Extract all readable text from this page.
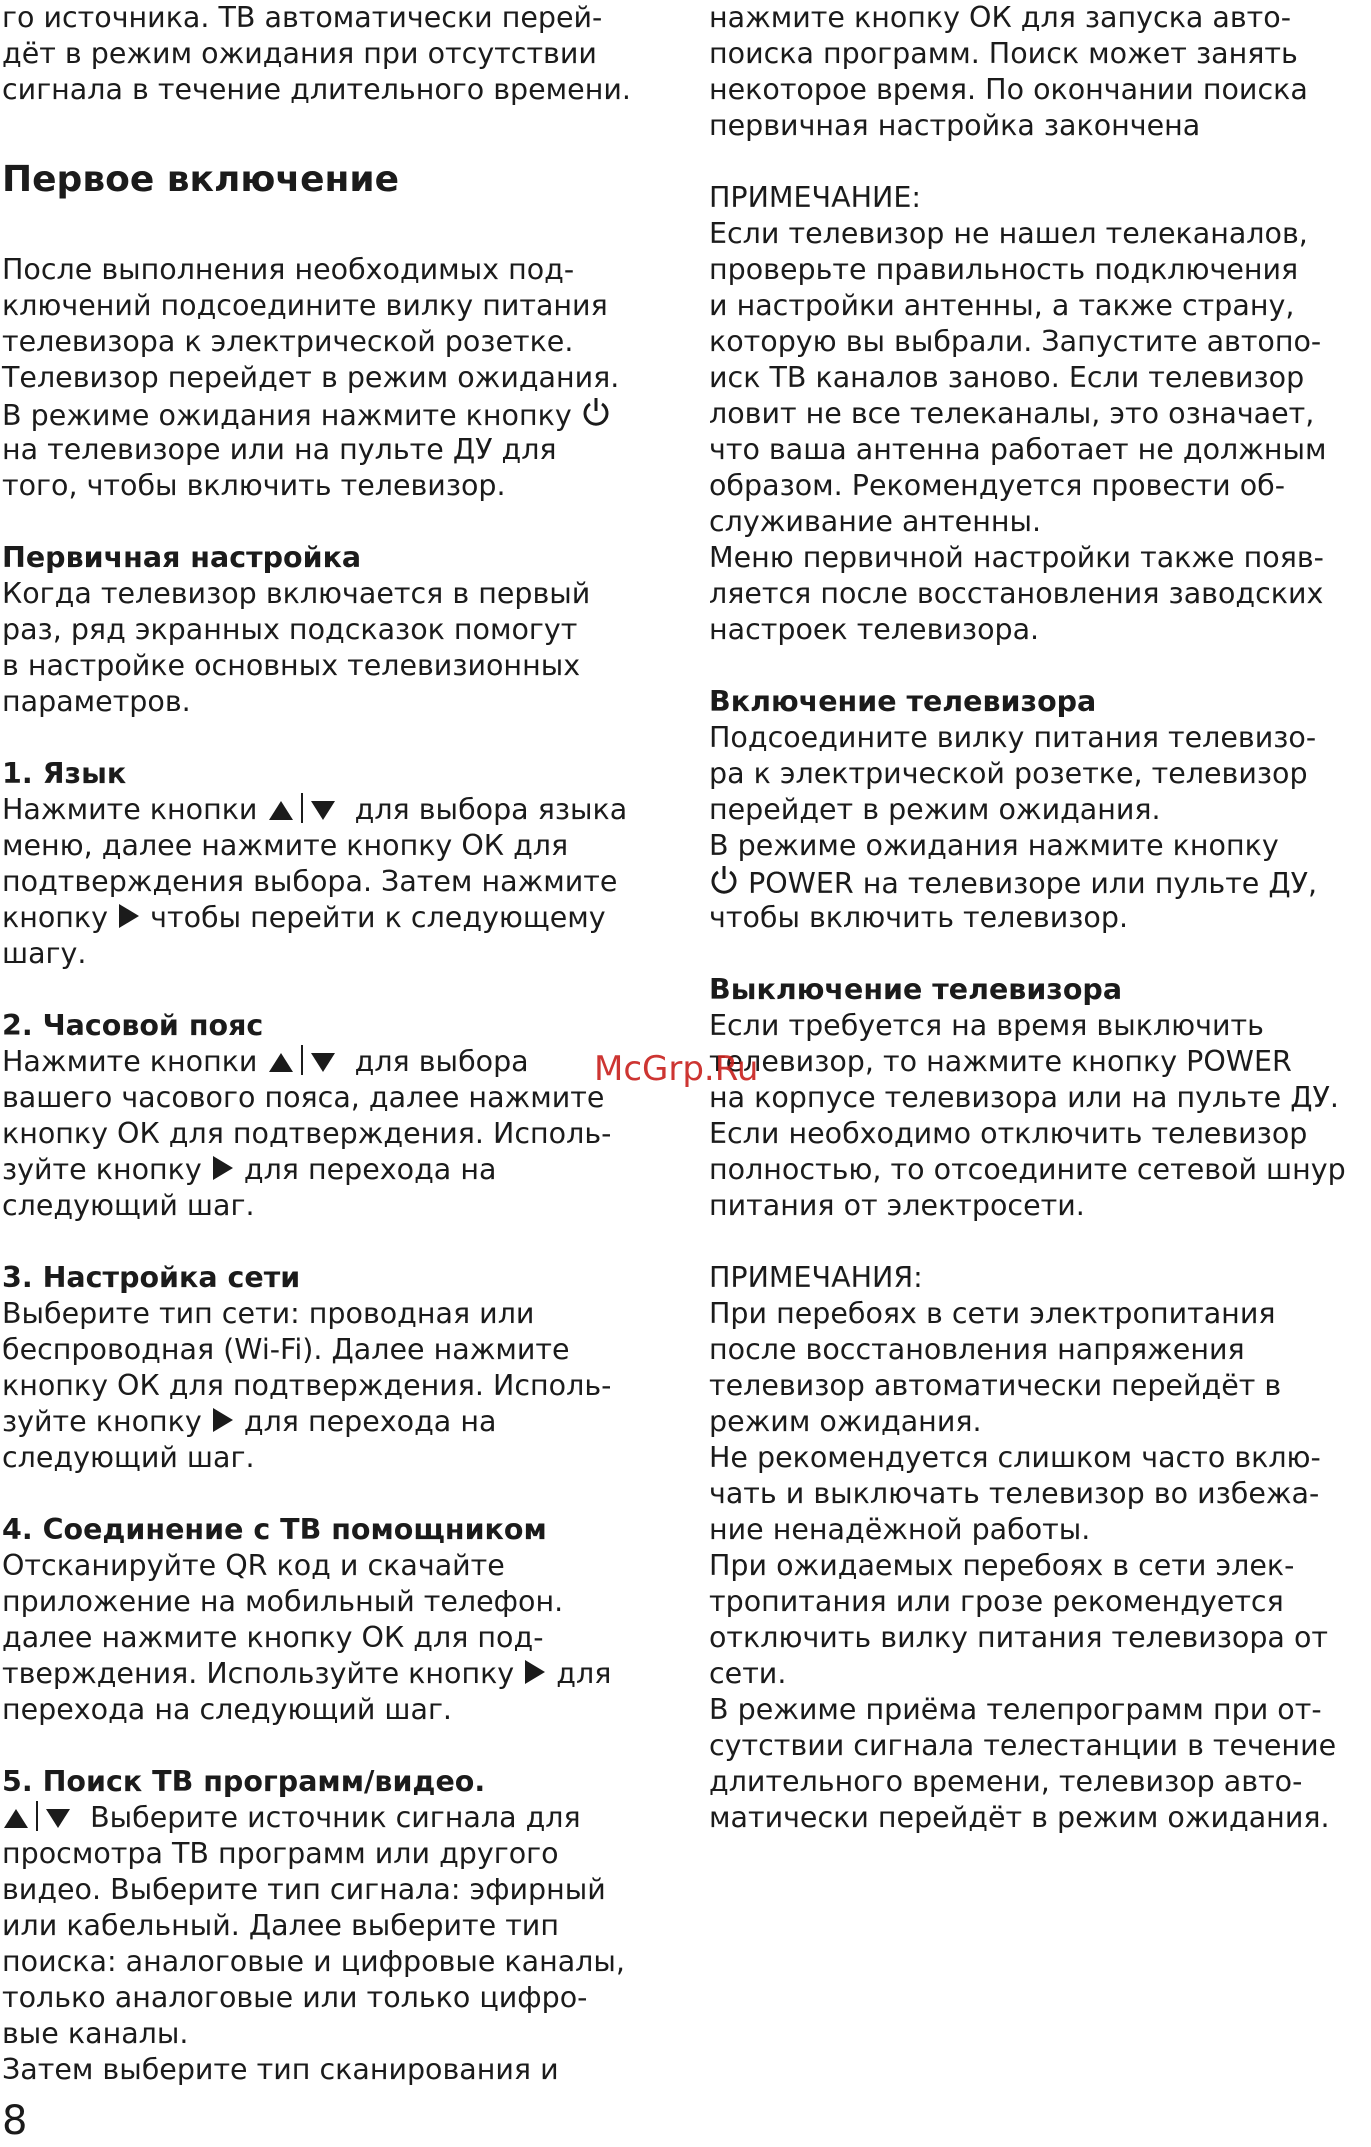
го источника. ТВ автоматически перей-
дёт в режим ожидания при отсутствии
сигнала в течение длительного времени.
Первое включение
После выполнения необходимых под-
ключений подсоедините вилку питания
телевизора к электрической розетке.
Телевизор перейдет в режим ожидания.
В режиме ожидания нажмите кнопку
на телевизоре или на пульте ДУ для
того, чтобы включить телевизор.
Первичная настройка
Когда телевизор включается в первый
раз, ряд экранных подсказок помогут
в настройке основных телевизионных
параметров.
1. Язык
Нажмите кнопки	для выбора языка
меню, далее нажмите кнопку ОК для
подтверждения выбора. Затем нажмите
кнопку чтобы перейти к следующему
шагу.
2. Часовой пояс
Нажмите кнопки	для выбора
вашего часового пояса, далее нажмите
кнопку ОК для подтверждения. Исполь-
зуйте кнопку для перехода на
следующий шаг.
3. Настройка сети
Выберите тип сети: проводная или
беспроводная (Wi-Fi). Далее нажмите
кнопку ОК для подтверждения. Исполь-
зуйте кнопку для перехода на
следующий шаг.
4. Соединение с ТВ помощником
Отсканируйте QR код и скачайте
приложение на мобильный телефон.
далее нажмите кнопку ОК для под-
тверждения. Используйте кнопку для
перехода на следующий шаг.
5. Поиск ТВ программ/видео.
Выберите источник сигнала для
просмотра ТВ программ или другого
видео. Выберите тип сигнала: эфирный
или кабельный. Далее выберите тип
поиска: аналоговые и цифровые каналы,
только аналоговые или только цифро-
вые каналы.
Затем выберите тип сканирования и
нажмите кнопку ОК для запуска авто-
поиска программ. Поиск может занять
некоторое время. По окончании поиска
первичная настройка закончена
ПРИМЕЧАНИЕ:
Если телевизор не нашел телеканалов,
проверьте правильность подключения
и настройки антенны, а также страну,
которую вы выбрали. Запустите автопо-
иск ТВ каналов заново. Если телевизор
ловит не все телеканалы, это означает,
что ваша антенна работает не должным
образом. Рекомендуется провести об-
служивание антенны.
Меню первичной настройки также появ-
ляется после восстановления заводских
настроек телевизора.
Включение телевизора
Подсоедините вилку питания телевизо-
ра к электрической розетке, телевизор
перейдет в режим ожидания.
В режиме ожидания нажмите кнопку
POWER на телевизоре или пульте ДУ,
чтобы включить телевизор.
Выключение телевизора
Если требуется на время выключить
телевизор, то нажмите кнопку POWER
на корпусе телевизора или на пульте ДУ.
Если необходимо отключить телевизор
полностью, то отсоедините сетевой шнур
питания от электросети.
ПРИМЕЧАНИЯ:
При перебоях в сети электропитания
после восстановления напряжения
телевизор автоматически перейдёт в
режим ожидания.
Не рекомендуется слишком часто вклю-
чать и выключать телевизор во избежа-
ние ненадёжной работы.
При ожидаемых перебоях в сети элек-
тропитания или грозе рекомендуется
отключить вилку питания телевизора от
сети.
В режиме приёма телепрограмм при от-
сутствии сигнала телестанции в течение
длительного времени, телевизор авто-
матически перейдёт в режим ожидания.
McGrp.Ru
8
